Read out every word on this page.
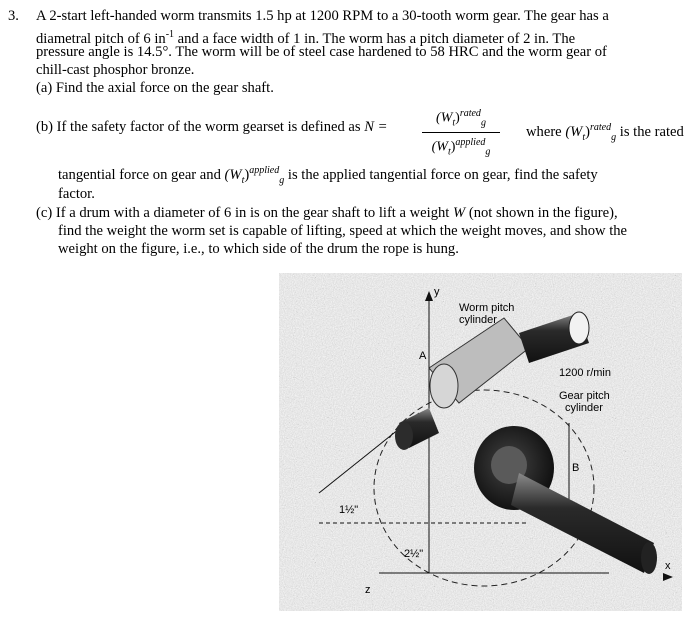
3. A 2-start left-handed worm transmits 1.5 hp at 1200 RPM to a 30-tooth worm gear. The gear has a
diametral pitch of 6 $in^{-1}$ and a face width of 1 in. The worm has a pitch diameter of 2 in. The
pressure angle is 14.5°. The worm will be of steel case hardened to 58 HRC and the worm gear of
chill-cast phosphor bronze.
(a) Find the axial force on the gear shaft.
(b) If the safety factor of the worm gearset is defined as N =
$(W_t)^{rated}_g$
$(W_t)^{applied}_g$
where $(W_t)^{rated}_g$ is the rated
tangential force on gear and $(W_t)^{applied}_g$ is the applied tangential force on gear, find the safety
factor.
(c) If a drum with a diameter of 6 in is on the gear shaft to lift a weight W (not shown in the figure),
find the weight the worm set is capable of lifting, speed at which the weight moves, and show the
weight on the figure, i.e., to which side of the drum the rope is hung.
Worm pitch
cylinder
1200 r/min
Gear pitch
cylinder
1½"
2½"
B
A
y
x
z
